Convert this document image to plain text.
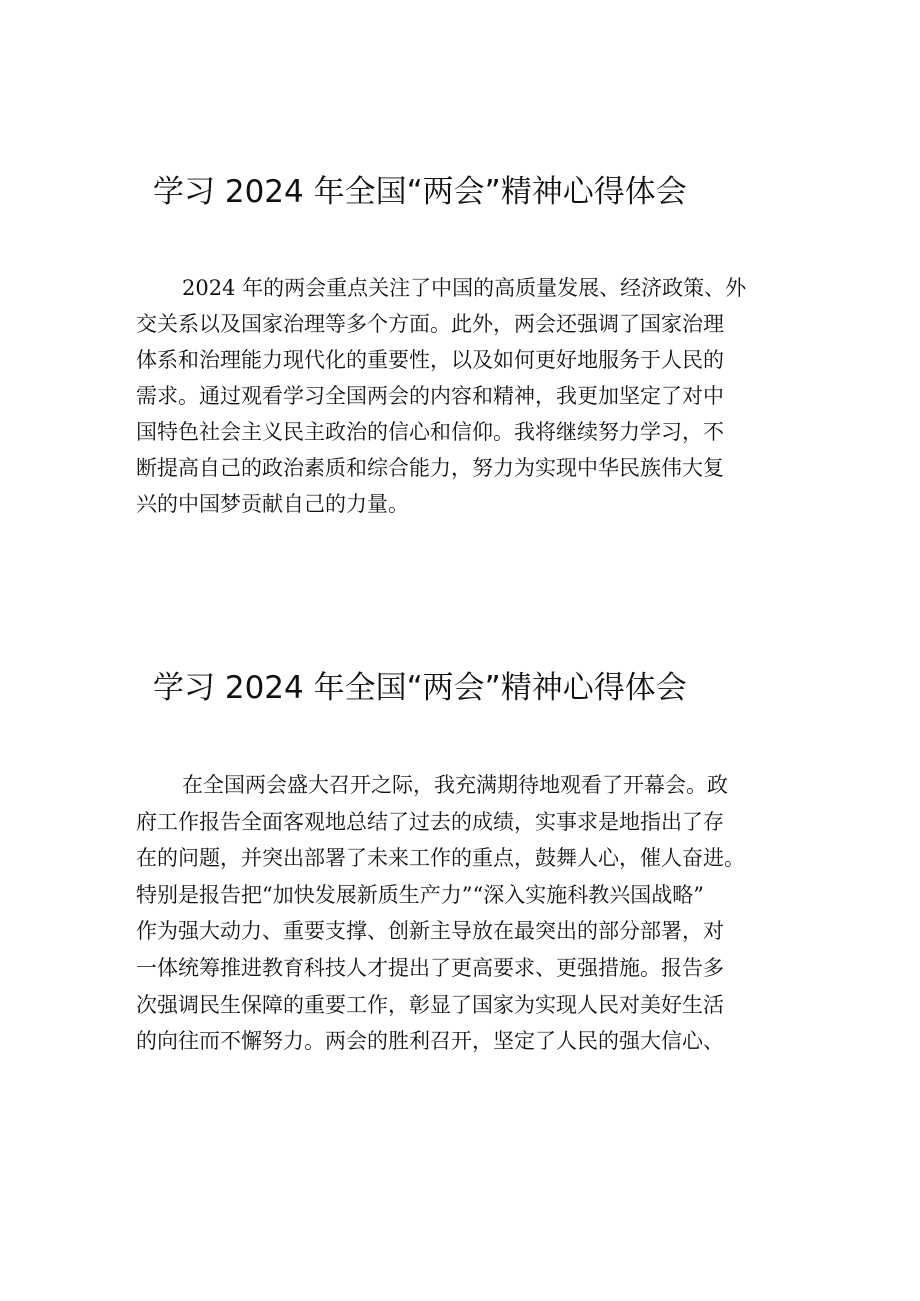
学习 2024 年全国“两会”精神心得体会
2024 年的两会重点关注了中国的高质量发展、经济政策、外
交关系以及国家治理等多个方面。此外，两会还强调了国家治理
体系和治理能力现代化的重要性，以及如何更好地服务于人民的
需求。通过观看学习全国两会的内容和精神，我更加坚定了对中
国特色社会主义民主政治的信心和信仰。我将继续努力学习，不
断提高自己的政治素质和综合能力，努力为实现中华民族伟大复
兴的中国梦贡献自己的力量。
学习 2024 年全国“两会”精神心得体会
在全国两会盛大召开之际，我充满期待地观看了开幕会。政
府工作报告全面客观地总结了过去的成绩，实事求是地指出了存
在的问题，并突出部署了未来工作的重点，鼓舞人心，催人奋进。
特别是报告把“加快发展新质生产力”“深入实施科教兴国战略”
作为强大动力、重要支撑、创新主导放在最突出的部分部署，对
一体统筹推进教育科技人才提出了更高要求、更强措施。报告多
次强调民生保障的重要工作，彰显了国家为实现人民对美好生活
的向往而不懈努力。两会的胜利召开，坚定了人民的强大信心、
